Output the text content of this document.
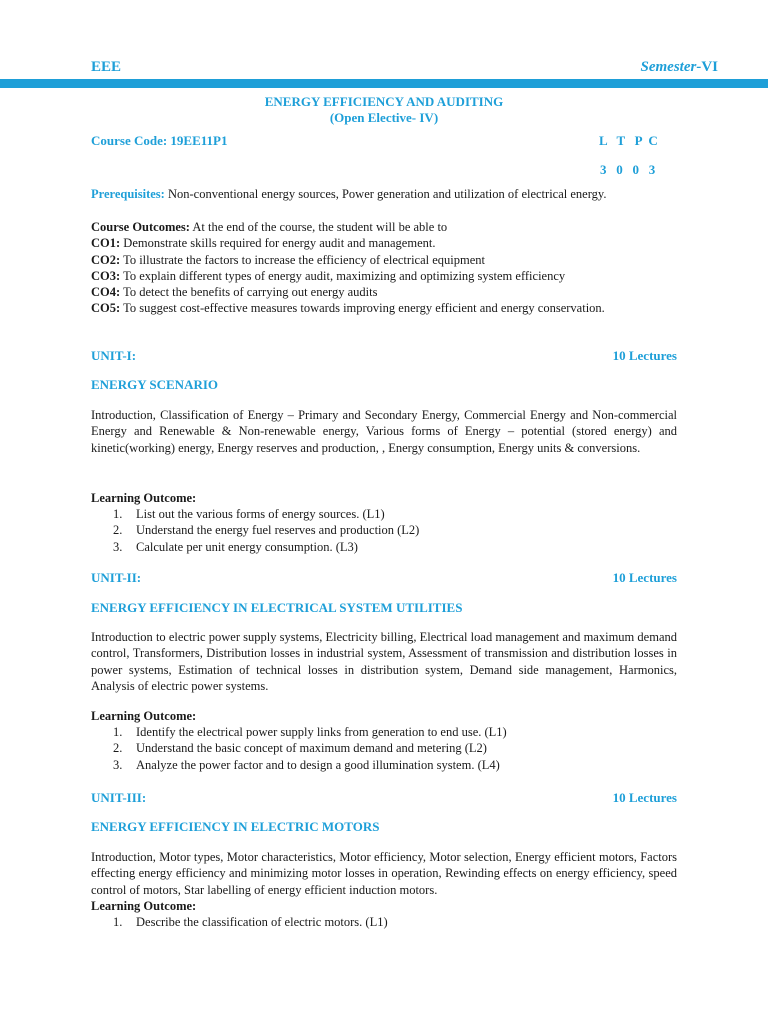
EEE	Semester-VI
ENERGY EFFICIENCY AND AUDITING
(Open Elective- IV)
Course Code: 19EE11P1	L   T   P  C
3   0   0   3
Prerequisites: Non-conventional energy sources, Power generation and utilization of electrical energy.
Course Outcomes: At the end of the course, the student will be able to
CO1: Demonstrate skills required for energy audit and management.
CO2: To illustrate the factors to increase the efficiency of electrical equipment
CO3: To explain different types of energy audit, maximizing and optimizing system efficiency
CO4: To detect the benefits of carrying out energy audits
CO5: To suggest cost-effective measures towards improving energy efficient and energy conservation.
UNIT-I:	10 Lectures
ENERGY SCENARIO
Introduction, Classification of Energy – Primary and Secondary Energy, Commercial Energy and Non-commercial Energy and Renewable & Non-renewable energy, Various forms of Energy – potential (stored energy) and kinetic(working) energy, Energy reserves and production, , Energy consumption, Energy units & conversions.
Learning Outcome:
1. List out the various forms of energy sources. (L1)
2. Understand the energy fuel reserves and production (L2)
3. Calculate per unit energy consumption. (L3)
UNIT-II:	10 Lectures
ENERGY EFFICIENCY IN ELECTRICAL SYSTEM UTILITIES
Introduction to electric power supply systems, Electricity billing, Electrical load management and maximum demand control, Transformers, Distribution losses in industrial system, Assessment of transmission and distribution losses in power systems, Estimation of technical losses in distribution system, Demand side management, Harmonics, Analysis of electric power systems.
Learning Outcome:
1. Identify the electrical power supply links from generation to end use. (L1)
2. Understand the basic concept of maximum demand and metering (L2)
3. Analyze the power factor and to design a good illumination system. (L4)
UNIT-III:	10 Lectures
ENERGY EFFICIENCY IN ELECTRIC MOTORS
Introduction, Motor types, Motor characteristics, Motor efficiency, Motor selection, Energy efficient motors, Factors effecting energy efficiency and minimizing motor losses in operation, Rewinding effects on energy efficiency, speed control of motors, Star labelling of energy efficient induction motors.
Learning Outcome:
1. Describe the classification of electric motors. (L1)
